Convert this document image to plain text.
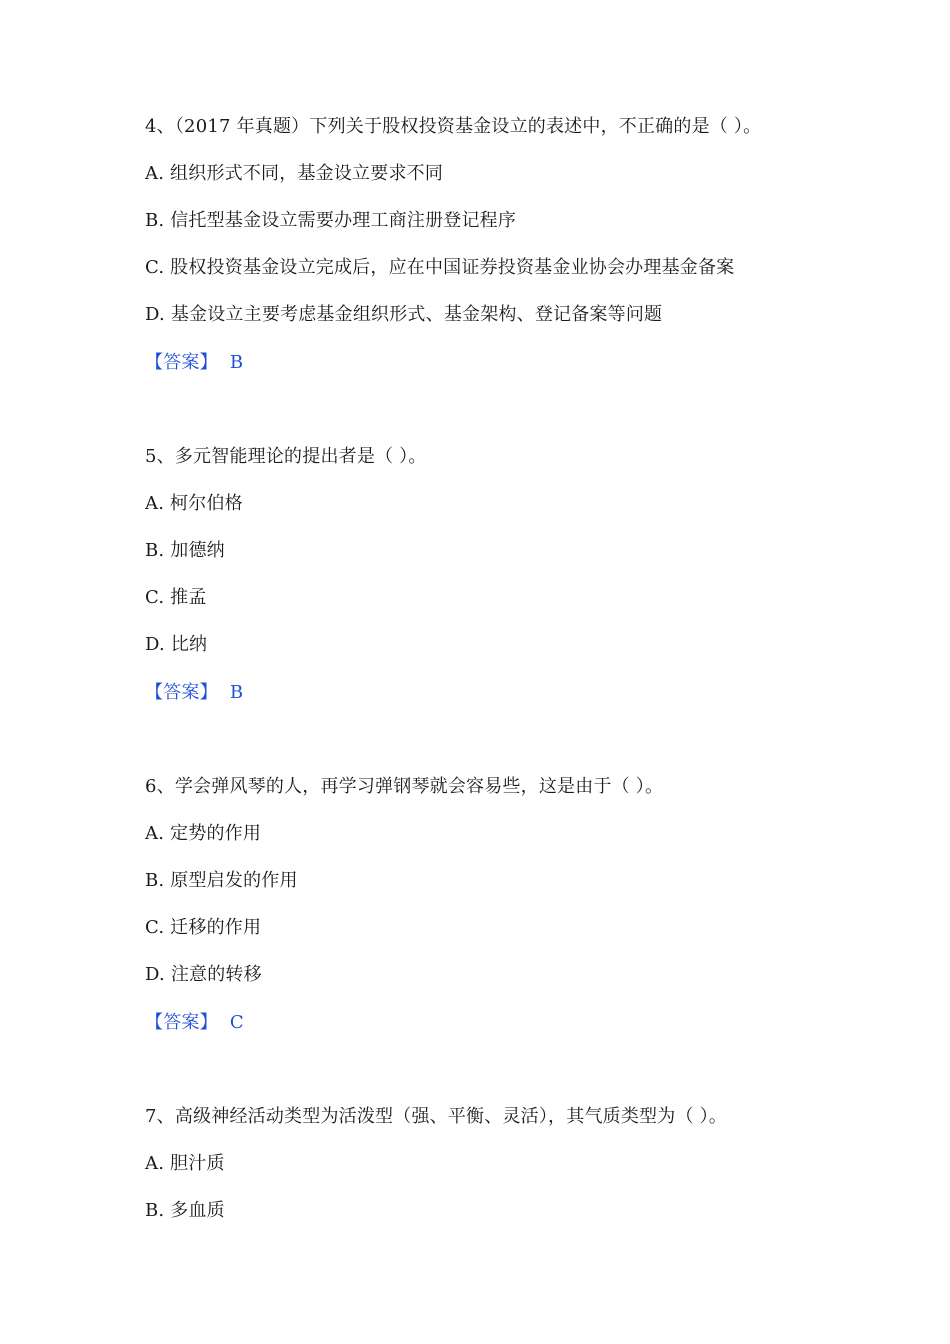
4、（2017 年真题）下列关于股权投资基金设立的表述中，不正确的是（ ）。
A. 组织形式不同，基金设立要求不同
B. 信托型基金设立需要办理工商注册登记程序
C. 股权投资基金设立完成后，应在中国证券投资基金业协会办理基金备案
D. 基金设立主要考虑基金组织形式、基金架构、登记备案等问题
【答案】 B
5、多元智能理论的提出者是（ ）。
A. 柯尔伯格
B. 加德纳
C. 推孟
D. 比纳
【答案】 B
6、学会弹风琴的人，再学习弹钢琴就会容易些，这是由于（ ）。
A. 定势的作用
B. 原型启发的作用
C. 迁移的作用
D. 注意的转移
【答案】 C
7、高级神经活动类型为活泼型（强、平衡、灵活），其气质类型为（ ）。
A. 胆汁质
B. 多血质
